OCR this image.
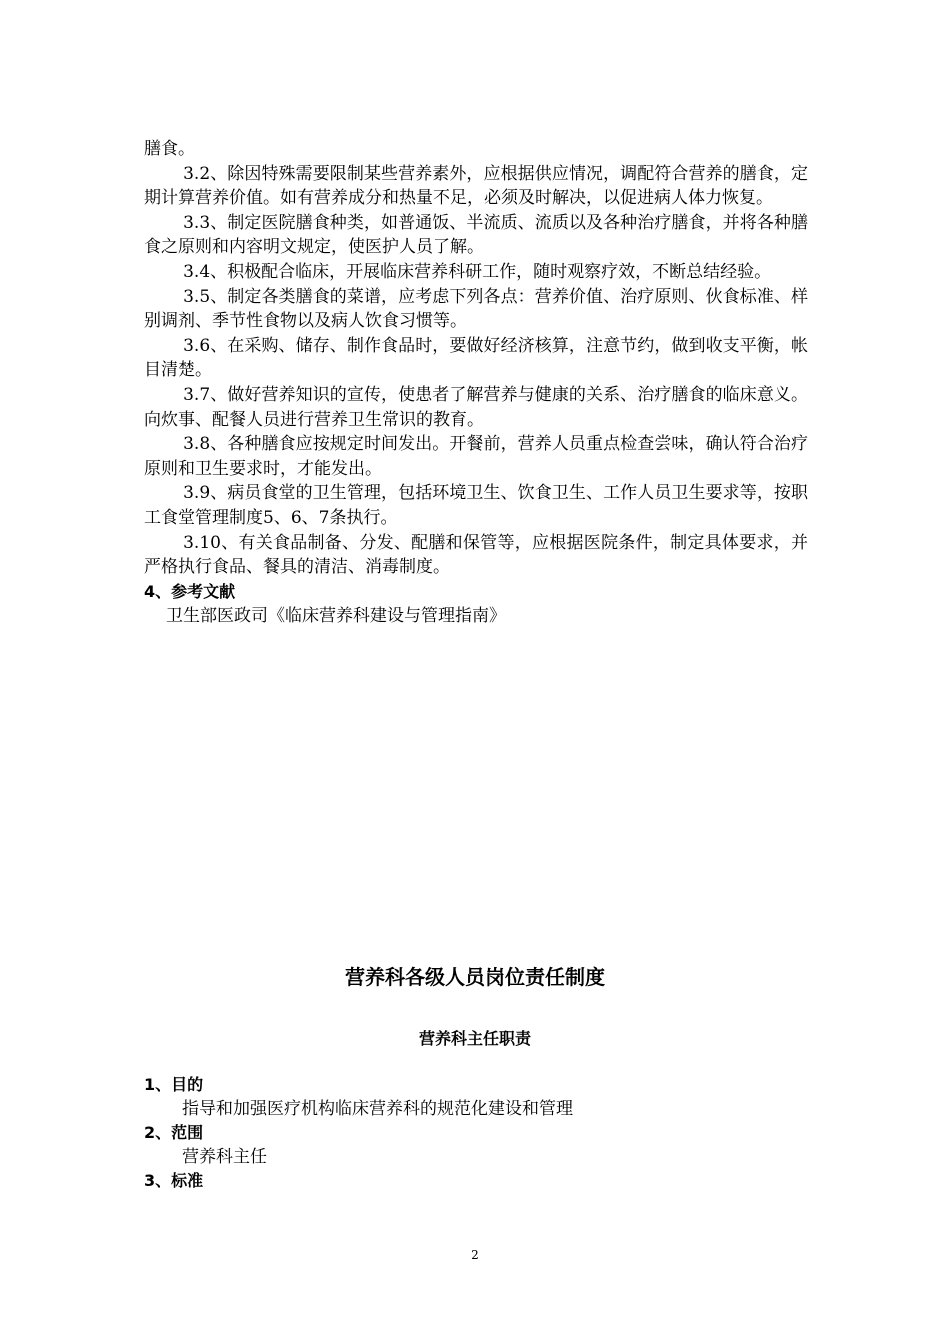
膳食。

3.2、除因特殊需要限制某些营养素外，应根据供应情况，调配符合营养的膳食，定期计算营养价值。如有营养成分和热量不足，必须及时解决，以促进病人体力恢复。

3.3、制定医院膳食种类，如普通饭、半流质、流质以及各种治疗膳食，并将各种膳食之原则和内容明文规定，使医护人员了解。

3.4、积极配合临床，开展临床营养科研工作，随时观察疗效，不断总结经验。

3.5、制定各类膳食的菜谱，应考虑下列各点：营养价值、治疗原则、伙食标准、样别调剂、季节性食物以及病人饮食习惯等。

3.6、在采购、储存、制作食品时，要做好经济核算，注意节约，做到收支平衡，帐目清楚。

3.7、做好营养知识的宣传，使患者了解营养与健康的关系、治疗膳食的临床意义。向炊事、配餐人员进行营养卫生常识的教育。

3.8、各种膳食应按规定时间发出。开餐前，营养人员重点检查尝味，确认符合治疗原则和卫生要求时，才能发出。

3.9、病员食堂的卫生管理，包括环境卫生、饮食卫生、工作人员卫生要求等，按职工食堂管理制度5、6、7条执行。

3.10、有关食品制备、分发、配膳和保管等，应根据医院条件，制定具体要求，并严格执行食品、餐具的清洁、消毒制度。

4、参考文献

卫生部医政司《临床营养科建设与管理指南》

营养科各级人员岗位责任制度
营养科主任职责
1、目的
指导和加强医疗机构临床营养科的规范化建设和管理
2、范围
营养科主任
3、标准
2
